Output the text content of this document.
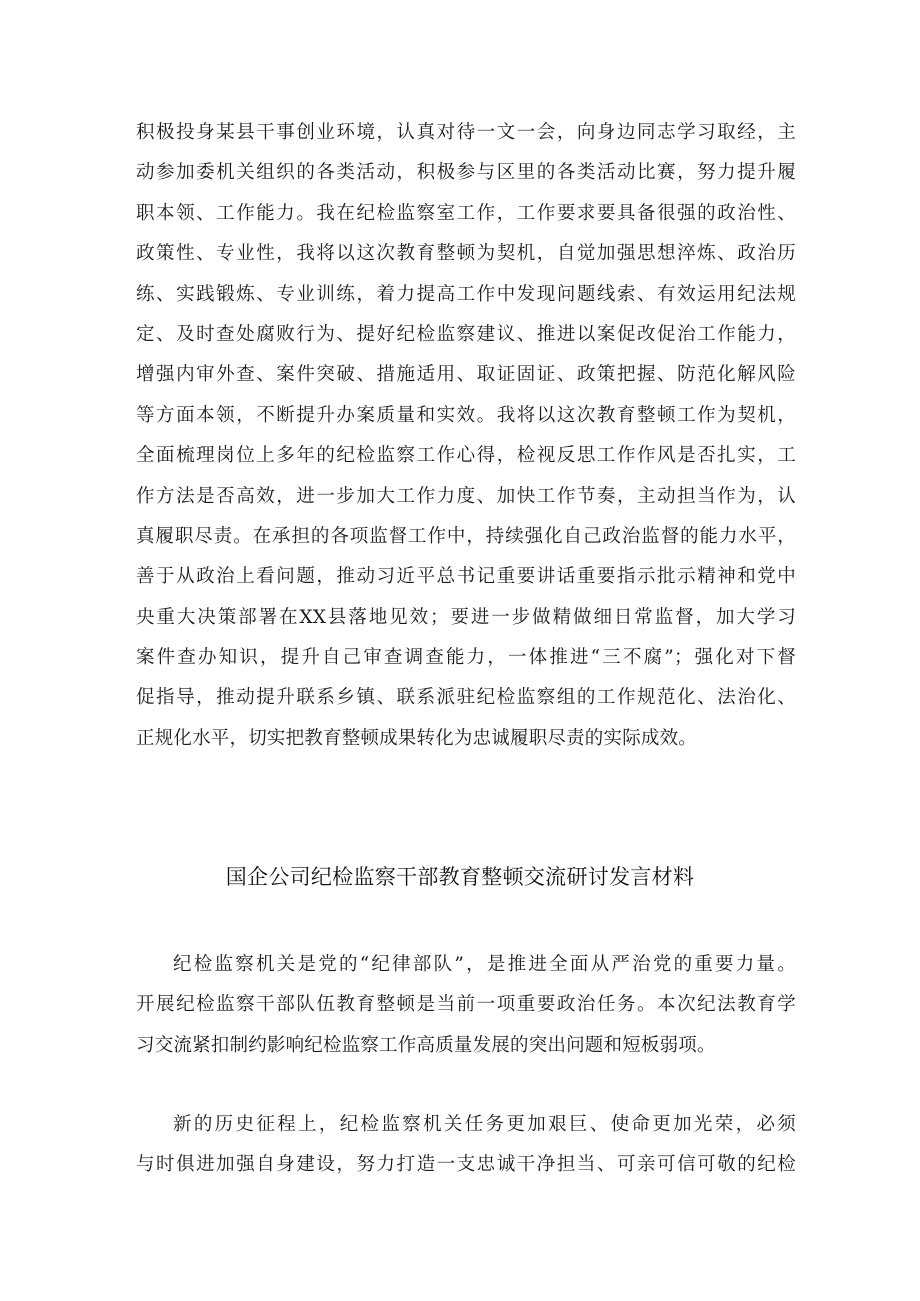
积极投身某县干事创业环境，认真对待一文一会，向身边同志学习取经，主
动参加委机关组织的各类活动，积极参与区里的各类活动比赛，努力提升履
职本领、工作能力。我在纪检监察室工作，工作要求要具备很强的政治性、
政策性、专业性，我将以这次教育整顿为契机，自觉加强思想淬炼、政治历
练、实践锻炼、专业训练，着力提高工作中发现问题线索、有效运用纪法规
定、及时查处腐败行为、提好纪检监察建议、推进以案促改促治工作能力，
增强内审外查、案件突破、措施适用、取证固证、政策把握、防范化解风险
等方面本领，不断提升办案质量和实效。我将以这次教育整顿工作为契机，
全面梳理岗位上多年的纪检监察工作心得，检视反思工作作风是否扎实，工
作方法是否高效，进一步加大工作力度、加快工作节奏，主动担当作为，认
真履职尽责。在承担的各项监督工作中，持续强化自己政治监督的能力水平，
善于从政治上看问题，推动习近平总书记重要讲话重要指示批示精神和党中
央重大决策部署在XX县落地见效；要进一步做精做细日常监督，加大学习
案件查办知识，提升自己审查调查能力，一体推进“三不腐”；强化对下督
促指导，推动提升联系乡镇、联系派驻纪检监察组的工作规范化、法治化、
正规化水平，切实把教育整顿成果转化为忠诚履职尽责的实际成效。
国企公司纪检监察干部教育整顿交流研讨发言材料
纪检监察机关是党的“纪律部队”，是推进全面从严治党的重要力量。
开展纪检监察干部队伍教育整顿是当前一项重要政治任务。本次纪法教育学
习交流紧扣制约影响纪检监察工作高质量发展的突出问题和短板弱项。
新的历史征程上，纪检监察机关任务更加艰巨、使命更加光荣，必须
与时俱进加强自身建设，努力打造一支忠诚干净担当、可亲可信可敬的纪检
